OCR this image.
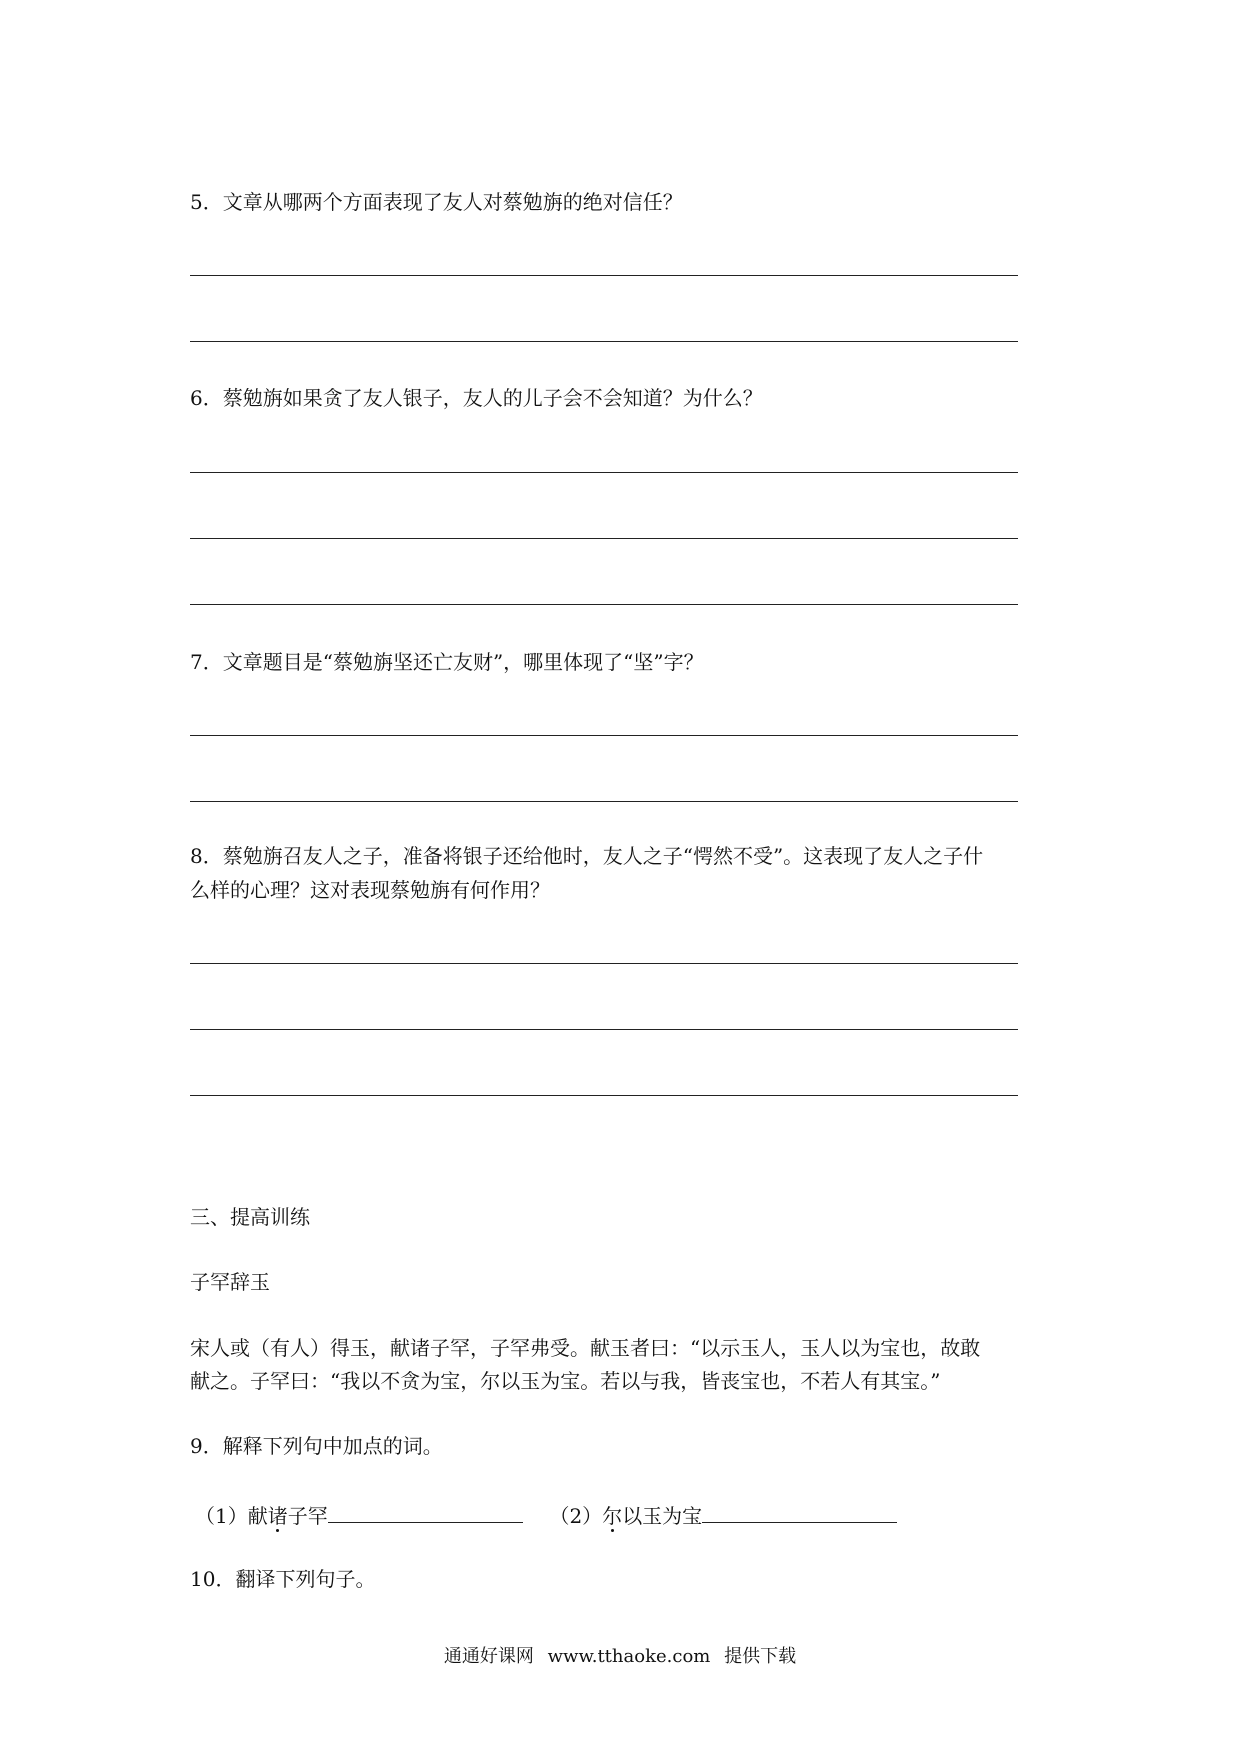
5．文章从哪两个方面表现了友人对蔡勉旃的绝对信任？
6．蔡勉旃如果贪了友人银子，友人的儿子会不会知道？为什么？
7．文章题目是“蔡勉旃坚还亡友财”，哪里体现了“坚”字？
8．蔡勉旃召友人之子，准备将银子还给他时，友人之子“愕然不受”。这表现了友人之子什
么样的心理？这对表现蔡勉旃有何作用？
三、提高训练
子罕辞玉
宋人或（有人）得玉，献诸子罕，子罕弗受。献玉者曰：“以示玉人，玉人以为宝也，故敢
献之。子罕曰：“我以不贪为宝，尔以玉为宝。若以与我，皆丧宝也，不若人有其宝。”
9．解释下列句中加点的词。
（1）献诸子罕	（2）尔以玉为宝
10．翻译下列句子。
通通好课网 www.tthaoke.com 提供下载
